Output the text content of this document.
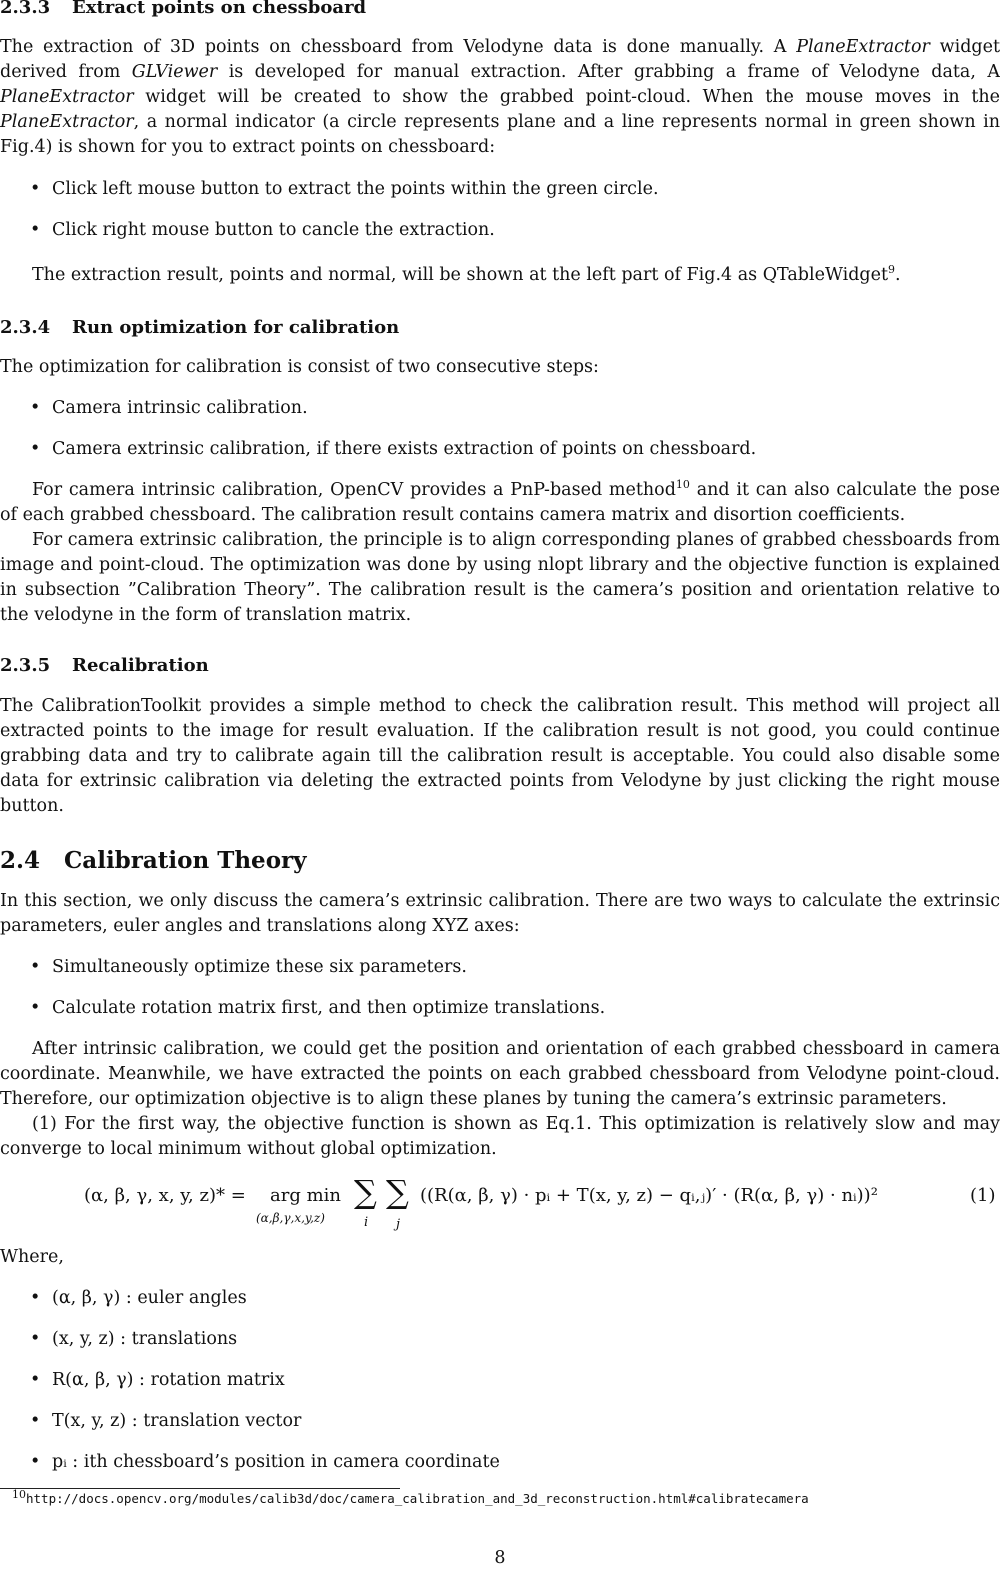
2.3.3 Extract points on chessboard
The extraction of 3D points on chessboard from Velodyne data is done manually. A PlaneExtractor widget derived from GLViewer is developed for manual extraction. After grabbing a frame of Velodyne data, A PlaneExtractor widget will be created to show the grabbed point-cloud. When the mouse moves in the PlaneExtractor, a normal indicator (a circle represents plane and a line represents normal in green shown in Fig.4) is shown for you to extract points on chessboard:
• Click left mouse button to extract the points within the green circle.
• Click right mouse button to cancle the extraction.
The extraction result, points and normal, will be shown at the left part of Fig.4 as QTableWidget$^9$.
2.3.4 Run optimization for calibration
The optimization for calibration is consist of two consecutive steps:
• Camera intrinsic calibration.
• Camera extrinsic calibration, if there exists extraction of points on chessboard.
For camera intrinsic calibration, OpenCV provides a PnP-based method$^{10}$ and it can also calculate the pose of each grabbed chessboard. The calibration result contains camera matrix and disortion coefficients.
For camera extrinsic calibration, the principle is to align corresponding planes of grabbed chessboards from image and point-cloud. The optimization was done by using nlopt library and the objective function is explained in subsection ”Calibration Theory”. The calibration result is the camera’s position and orientation relative to the velodyne in the form of translation matrix.
2.3.5 Recalibration
The CalibrationToolkit provides a simple method to check the calibration result. This method will project all extracted points to the image for result evaluation. If the calibration result is not good, you could continue grabbing data and try to calibrate again till the calibration result is acceptable. You could also disable some data for extrinsic calibration via deleting the extracted points from Velodyne by just clicking the right mouse button.
2.4 Calibration Theory
In this section, we only discuss the camera’s extrinsic calibration. There are two ways to calculate the extrinsic parameters, euler angles and translations along XYZ axes:
• Simultaneously optimize these six parameters.
• Calculate rotation matrix first, and then optimize translations.
After intrinsic calibration, we could get the position and orientation of each grabbed chessboard in camera coordinate. Meanwhile, we have extracted the points on each grabbed chessboard from Velodyne point-cloud. Therefore, our optimization objective is to align these planes by tuning the camera’s extrinsic parameters.
(1) For the first way, the objective function is shown as Eq.1. This optimization is relatively slow and may converge to local minimum without global optimization.
(α, β, γ, x, y, z)* = arg min
(α,β,γ,x,y,z)
∑
i
∑
j
((R(α, β, γ) · pᵢ + T(x, y, z) − qᵢ,ⱼ)′ · (R(α, β, γ) · nᵢ))²	(1)
Where,
• (α, β, γ) : euler angles
• (x, y, z) : translations
• R(α, β, γ) : rotation matrix
• T(x, y, z) : translation vector
• pᵢ : ith chessboard’s position in camera coordinate
$^{10}$http://docs.opencv.org/modules/calib3d/doc/camera_calibration_and_3d_reconstruction.html#calibratecamera
8
